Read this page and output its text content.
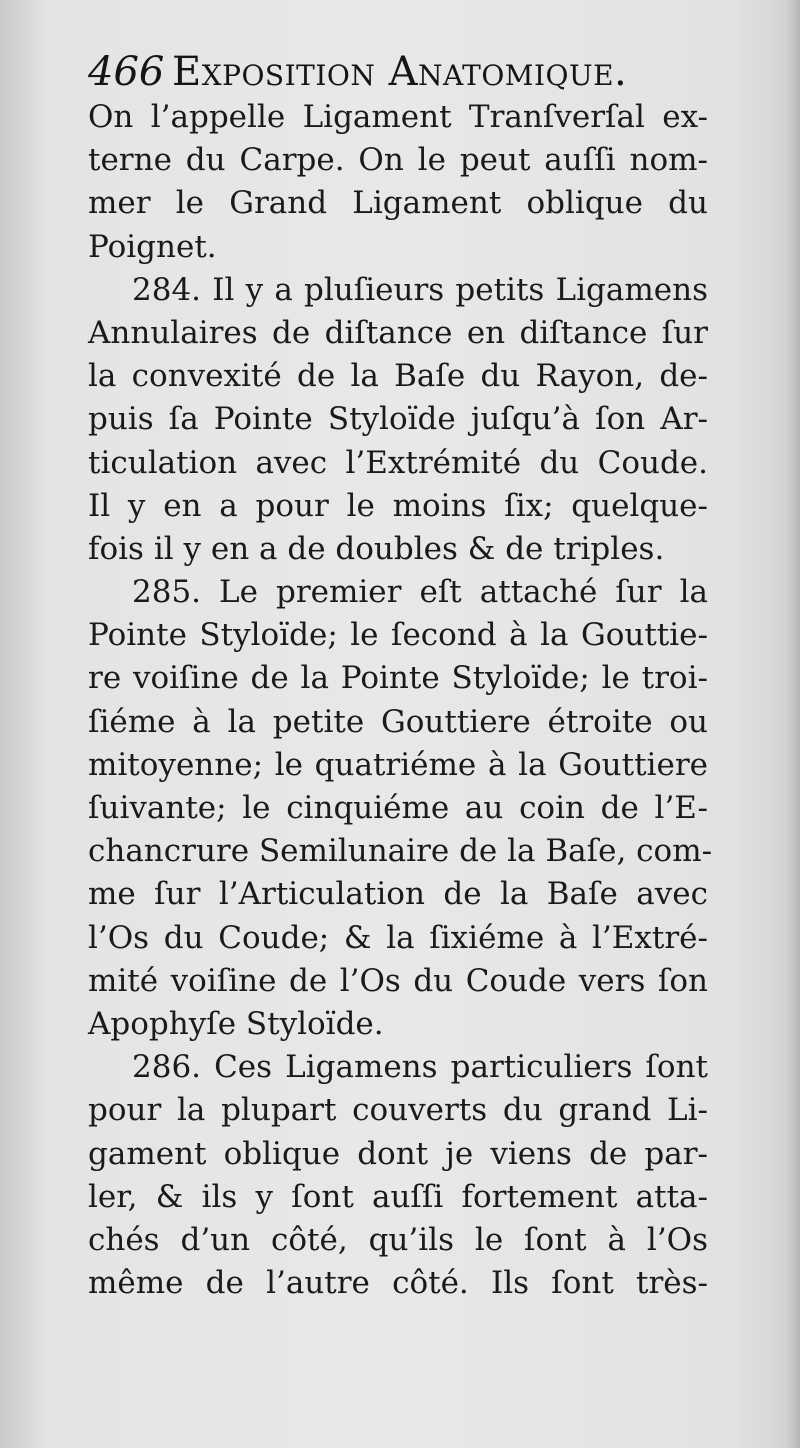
466 Exposition Anatomique.
On l’appelle Ligament Tranſverſal ex-
terne du Carpe. On le peut auſſi nom-
mer le Grand Ligament oblique du
Poignet.
284. Il y a pluſieurs petits Ligamens
Annulaires de diſtance en diſtance ſur
la convexité de la Baſe du Rayon, de-
puis ſa Pointe Styloïde juſqu’à ſon Ar-
ticulation avec l’Extrémité du Coude.
Il y en a pour le moins ſix; quelque-
fois il y en a de doubles & de triples.
285. Le premier eſt attaché ſur la
Pointe Styloïde; le ſecond à la Gouttie-
re voiſine de la Pointe Styloïde; le troi-
ſiéme à la petite Gouttiere étroite ou
mitoyenne; le quatriéme à la Gouttiere
ſuivante; le cinquiéme au coin de l’E-
chancrure Semilunaire de la Baſe, com-
me ſur l’Articulation de la Baſe avec
l’Os du Coude; & la ſixiéme à l’Extré-
mité voiſine de l’Os du Coude vers ſon
Apophyſe Styloïde.
286. Ces Ligamens particuliers ſont
pour la plupart couverts du grand Li-
gament oblique dont je viens de par-
ler, & ils y ſont auſſi fortement atta-
chés d’un côté, qu’ils le ſont à l’Os
même de l’autre côté. Ils ſont très-
